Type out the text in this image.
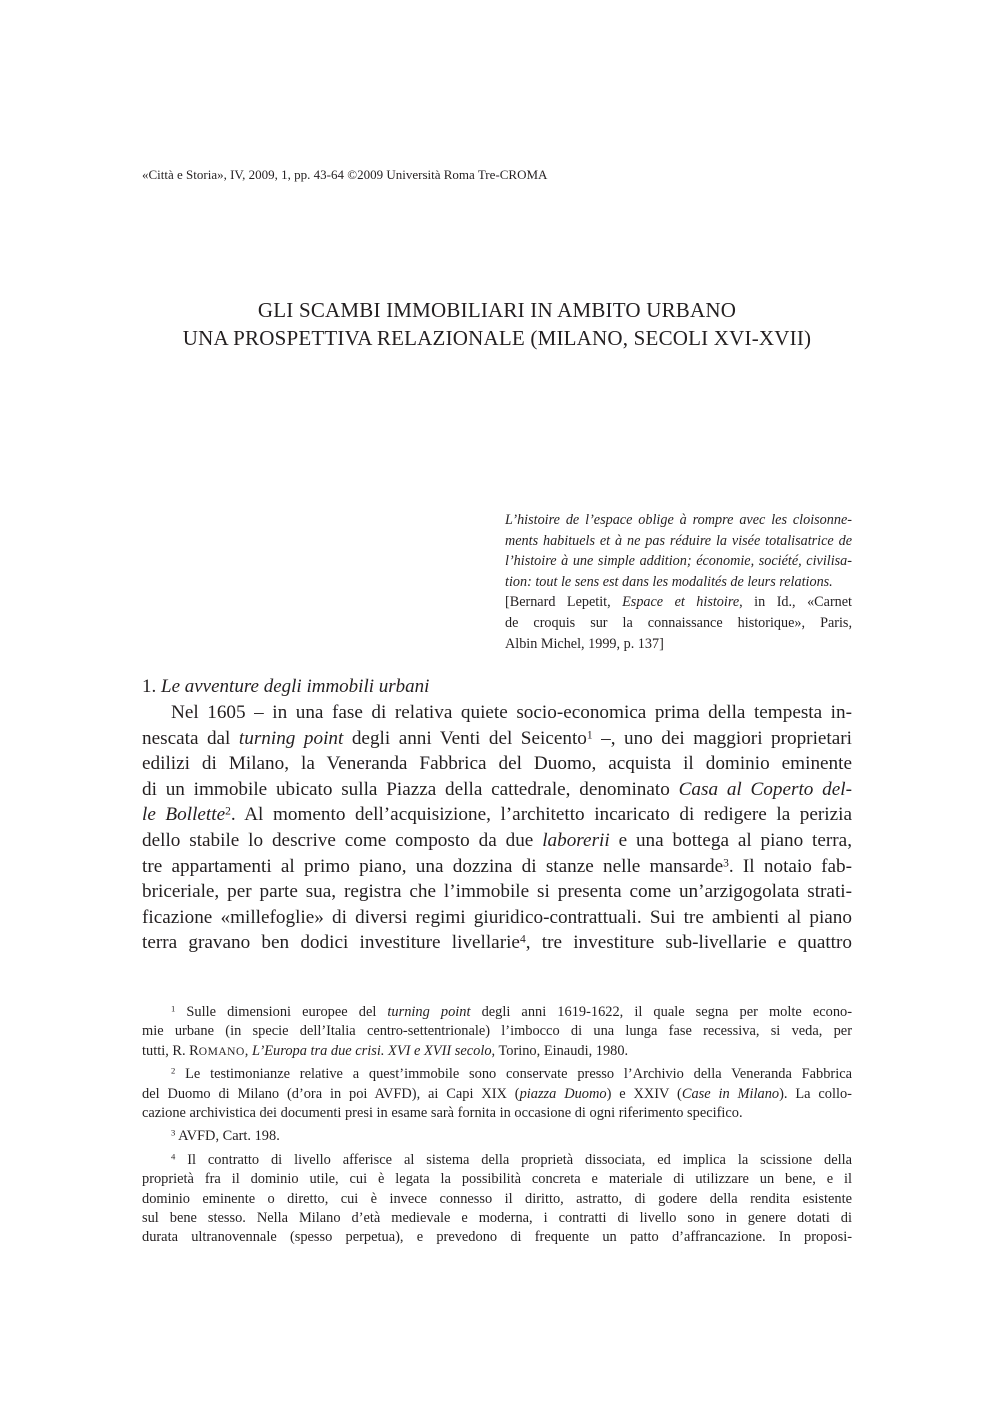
«Città e Storia», IV, 2009, 1, pp. 43-64 ©2009 Università Roma Tre-CROMA
GLI SCAMBI IMMOBILIARI IN AMBITO URBANO
UNA PROSPETTIVA RELAZIONALE (MILANO, SECOLI XVI-XVII)
L’histoire de l’espace oblige à rompre avec les cloisonne-
ments habituels et à ne pas réduire la visée totalisatrice de
l’histoire à une simple addition; économie, société, civilisa-
tion: tout le sens est dans les modalités de leurs relations.
[Bernard Lepetit, Espace et histoire, in Id., «Carnet
de croquis sur la connaissance historique», Paris,
Albin Michel, 1999, p. 137]
1. Le avventure degli immobili urbani
Nel 1605 – in una fase di relativa quiete socio-economica prima della tempesta in-
nescata dal turning point degli anni Venti del Seicento$^1$ –, uno dei maggiori proprietari
edilizi di Milano, la Veneranda Fabbrica del Duomo, acquista il dominio eminente
di un immobile ubicato sulla Piazza della cattedrale, denominato Casa al Coperto del-
le Bollette$^2$. Al momento dell’acquisizione, l’architetto incaricato di redigere la perizia
dello stabile lo descrive come composto da due laborerii e una bottega al piano terra,
tre appartamenti al primo piano, una dozzina di stanze nelle mansarde$^3$. Il notaio fab-
briceriale, per parte sua, registra che l’immobile si presenta come un’arzigogolata strati-
ficazione «millefoglie» di diversi regimi giuridico-contrattuali. Sui tre ambienti al piano
terra gravano ben dodici investiture livellarie$^4$, tre investiture sub-livellarie e quattro
$^1$ Sulle dimensioni europee del turning point degli anni 1619-1622, il quale segna per molte econo-
mie urbane (in specie dell’Italia centro-settentrionale) l’imbocco di una lunga fase recessiva, si veda, per
tutti, R. ROMANO, L’Europa tra due crisi. XVI e XVII secolo, Torino, Einaudi, 1980.
$^2$ Le testimonianze relative a quest’immobile sono conservate presso l’Archivio della Veneranda Fabbrica
del Duomo di Milano (d’ora in poi AVFD), ai Capi XIX (piazza Duomo) e XXIV (Case in Milano). La collo-
cazione archivistica dei documenti presi in esame sarà fornita in occasione di ogni riferimento specifico.
$^3$ AVFD, Cart. 198.
$^4$ Il contratto di livello afferisce al sistema della proprietà dissociata, ed implica la scissione della
proprietà fra il dominio utile, cui è legata la possibilità concreta e materiale di utilizzare un bene, e il
dominio eminente o diretto, cui è invece connesso il diritto, astratto, di godere della rendita esistente
sul bene stesso. Nella Milano d’età medievale e moderna, i contratti di livello sono in genere dotati di
durata ultranovennale (spesso perpetua), e prevedono di frequente un patto d’affrancazione. In proposi-
